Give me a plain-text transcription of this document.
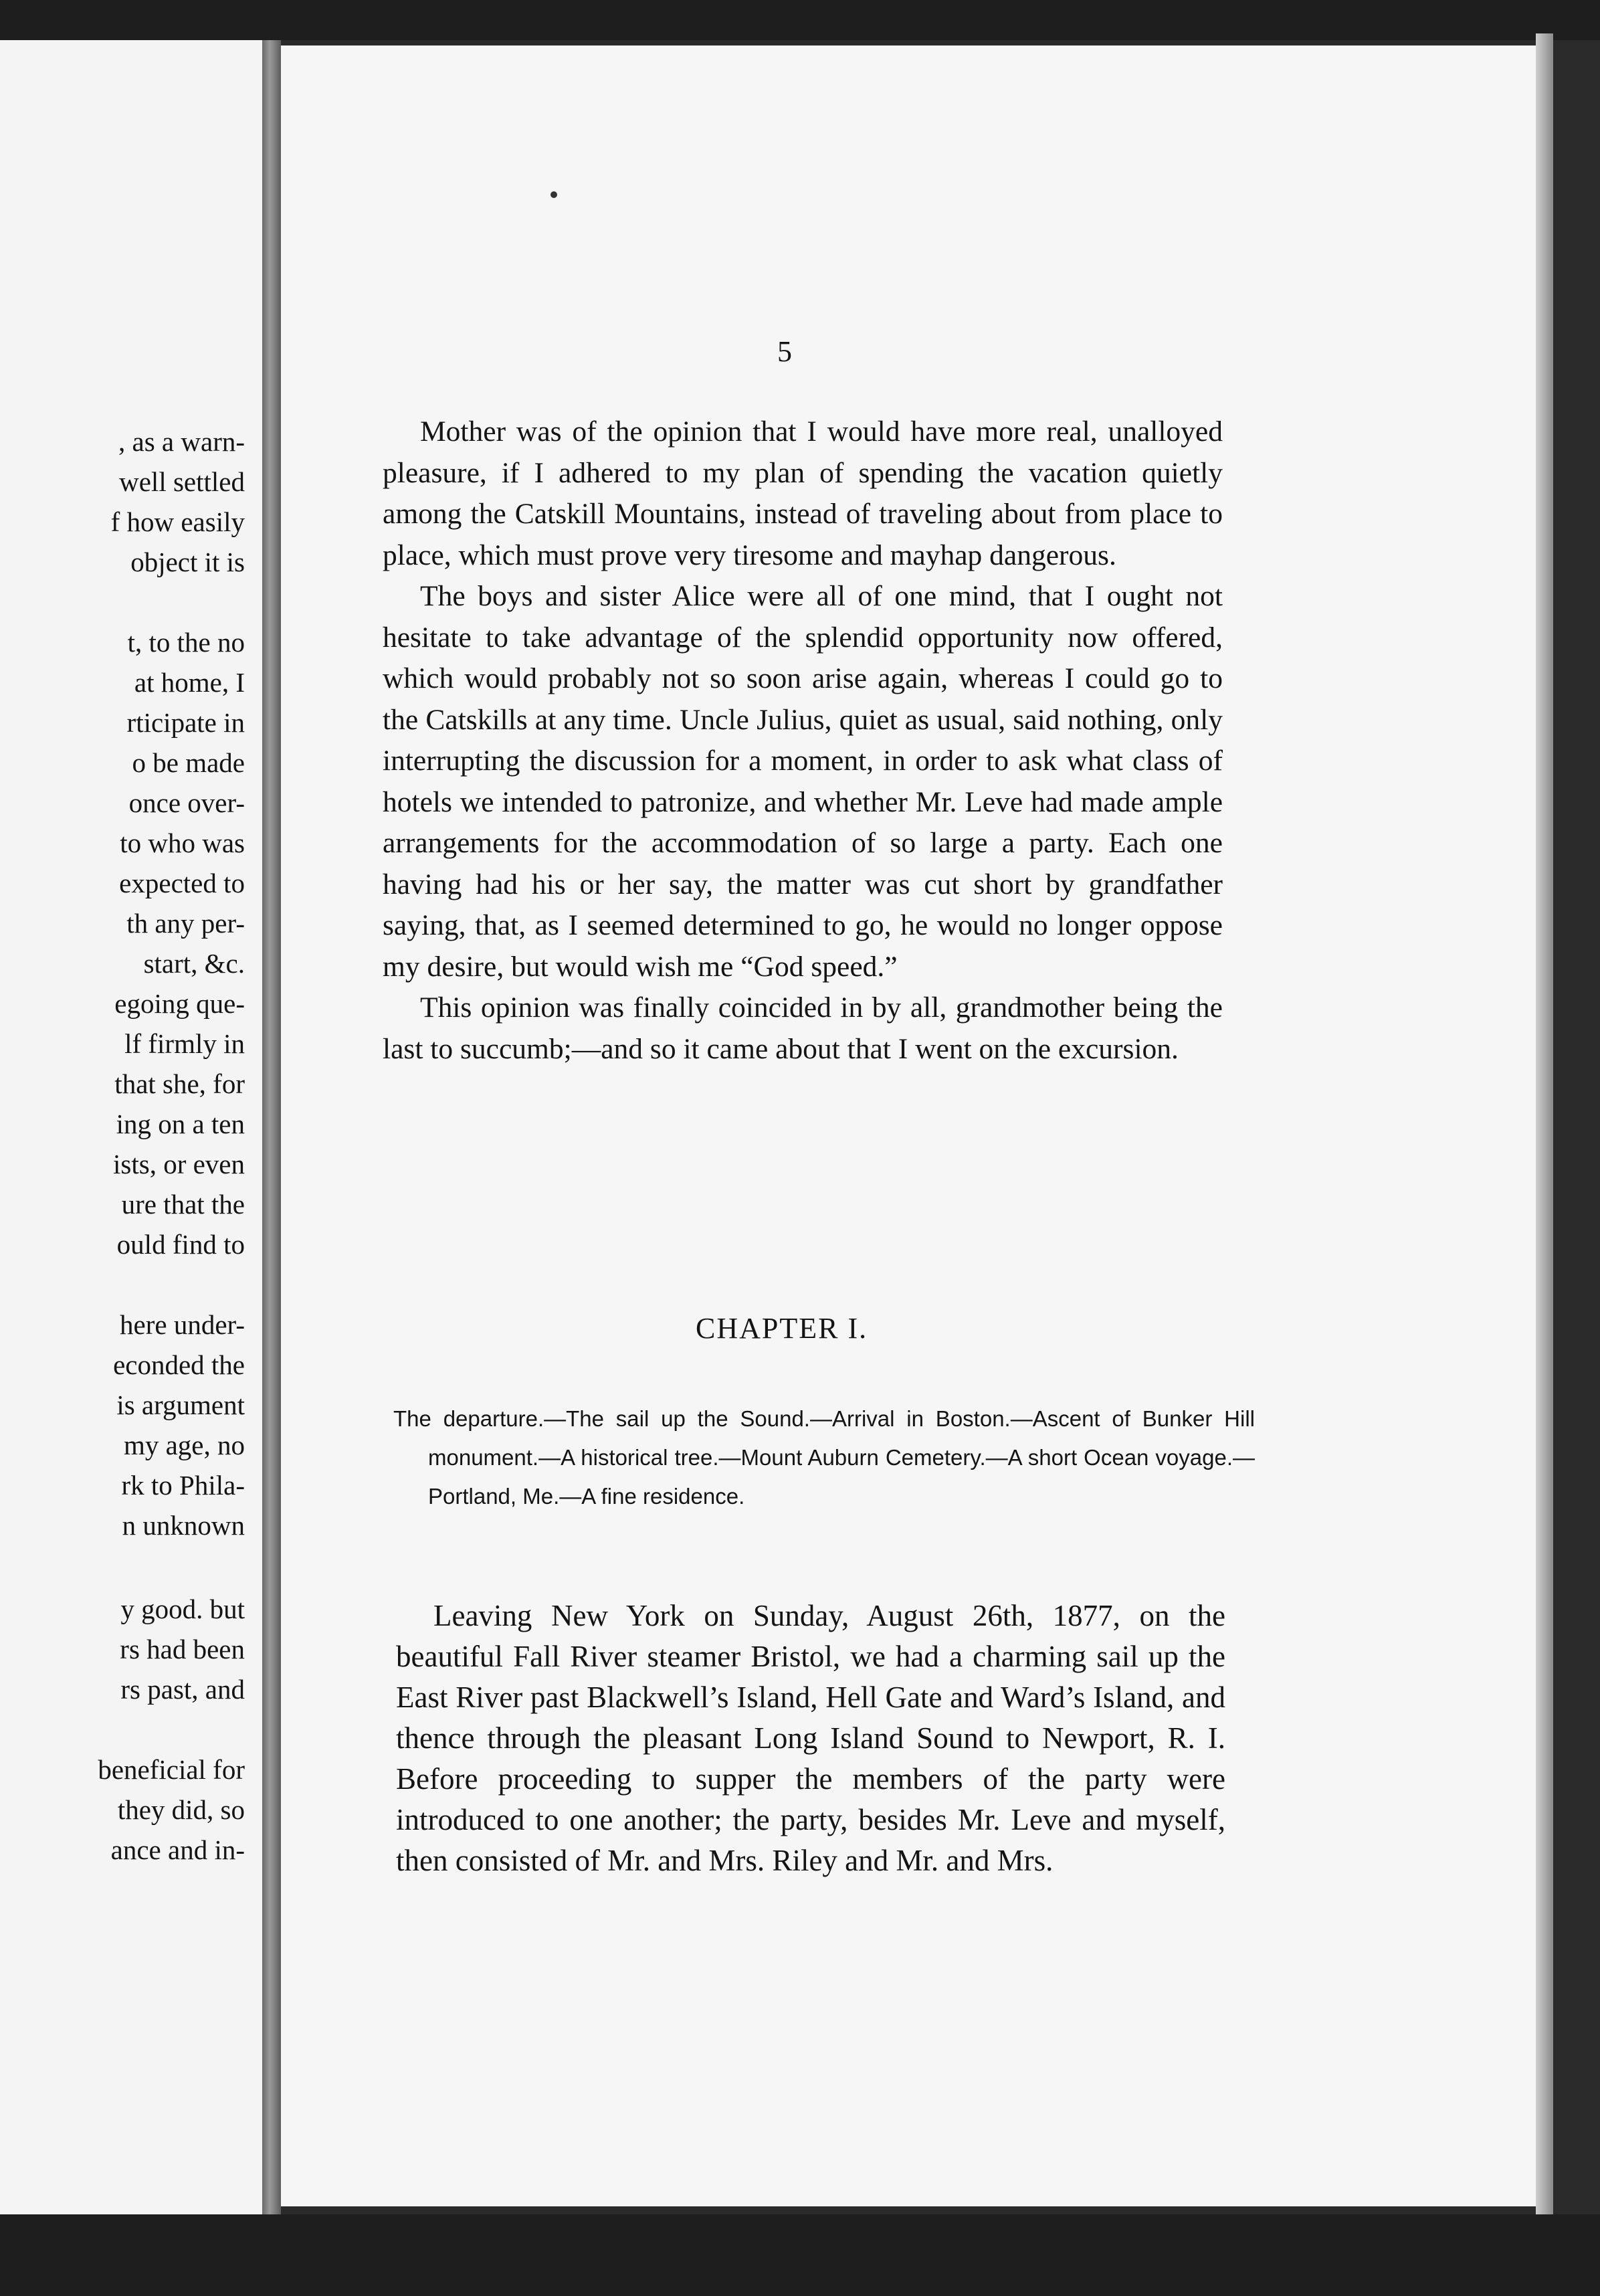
, as a warn-
well settled
f how easily
object it is
t, to the no
at home, I
rticipate in
o be made
once over-
to who was
expected to
th any per-
start, &c.
egoing que-
lf firmly in
that she, for
ing on a ten
ists, or even
ure that the
ould find to
here under-
econded the
is argument
my age, no
rk to Phila-
n unknown
y good. but
rs had been
rs past, and
beneficial for
they did, so
ance and in-
5

Mother was of the opinion that I would have more real, unalloyed pleasure, if I adhered to my plan of spending the vacation quietly among the Catskill Mountains, instead of traveling about from place to place, which must prove very tiresome and mayhap dangerous.

The boys and sister Alice were all of one mind, that I ought not hesitate to take advantage of the splendid opportunity now offered, which would probably not so soon arise again, whereas I could go to the Catskills at any time. Uncle Julius, quiet as usual, said nothing, only interrupting the discussion for a moment, in order to ask what class of hotels we intended to patronize, and whether Mr. Leve had made ample arrangements for the accommodation of so large a party. Each one having had his or her say, the matter was cut short by grandfather saying, that, as I seemed determined to go, he would no longer oppose my desire, but would wish me “God speed.”

This opinion was finally coincided in by all, grandmother being the last to succumb;—and so it came about that I went on the excursion.

CHAPTER I.
The departure.—The sail up the Sound.—Arrival in Boston.—Ascent of Bunker Hill monument.—A historical tree.—Mount Auburn Cemetery.—A short Ocean voyage.—Portland, Me.—A fine residence.

Leaving New York on Sunday, August 26th, 1877, on the beautiful Fall River steamer Bristol, we had a charming sail up the East River past Blackwell’s Island, Hell Gate and Ward’s Island, and thence through the pleasant Long Island Sound to Newport, R. I. Before proceeding to supper the members of the party were introduced to one another; the party, besides Mr. Leve and myself, then consisted of Mr. and Mrs. Riley and Mr. and Mrs.
